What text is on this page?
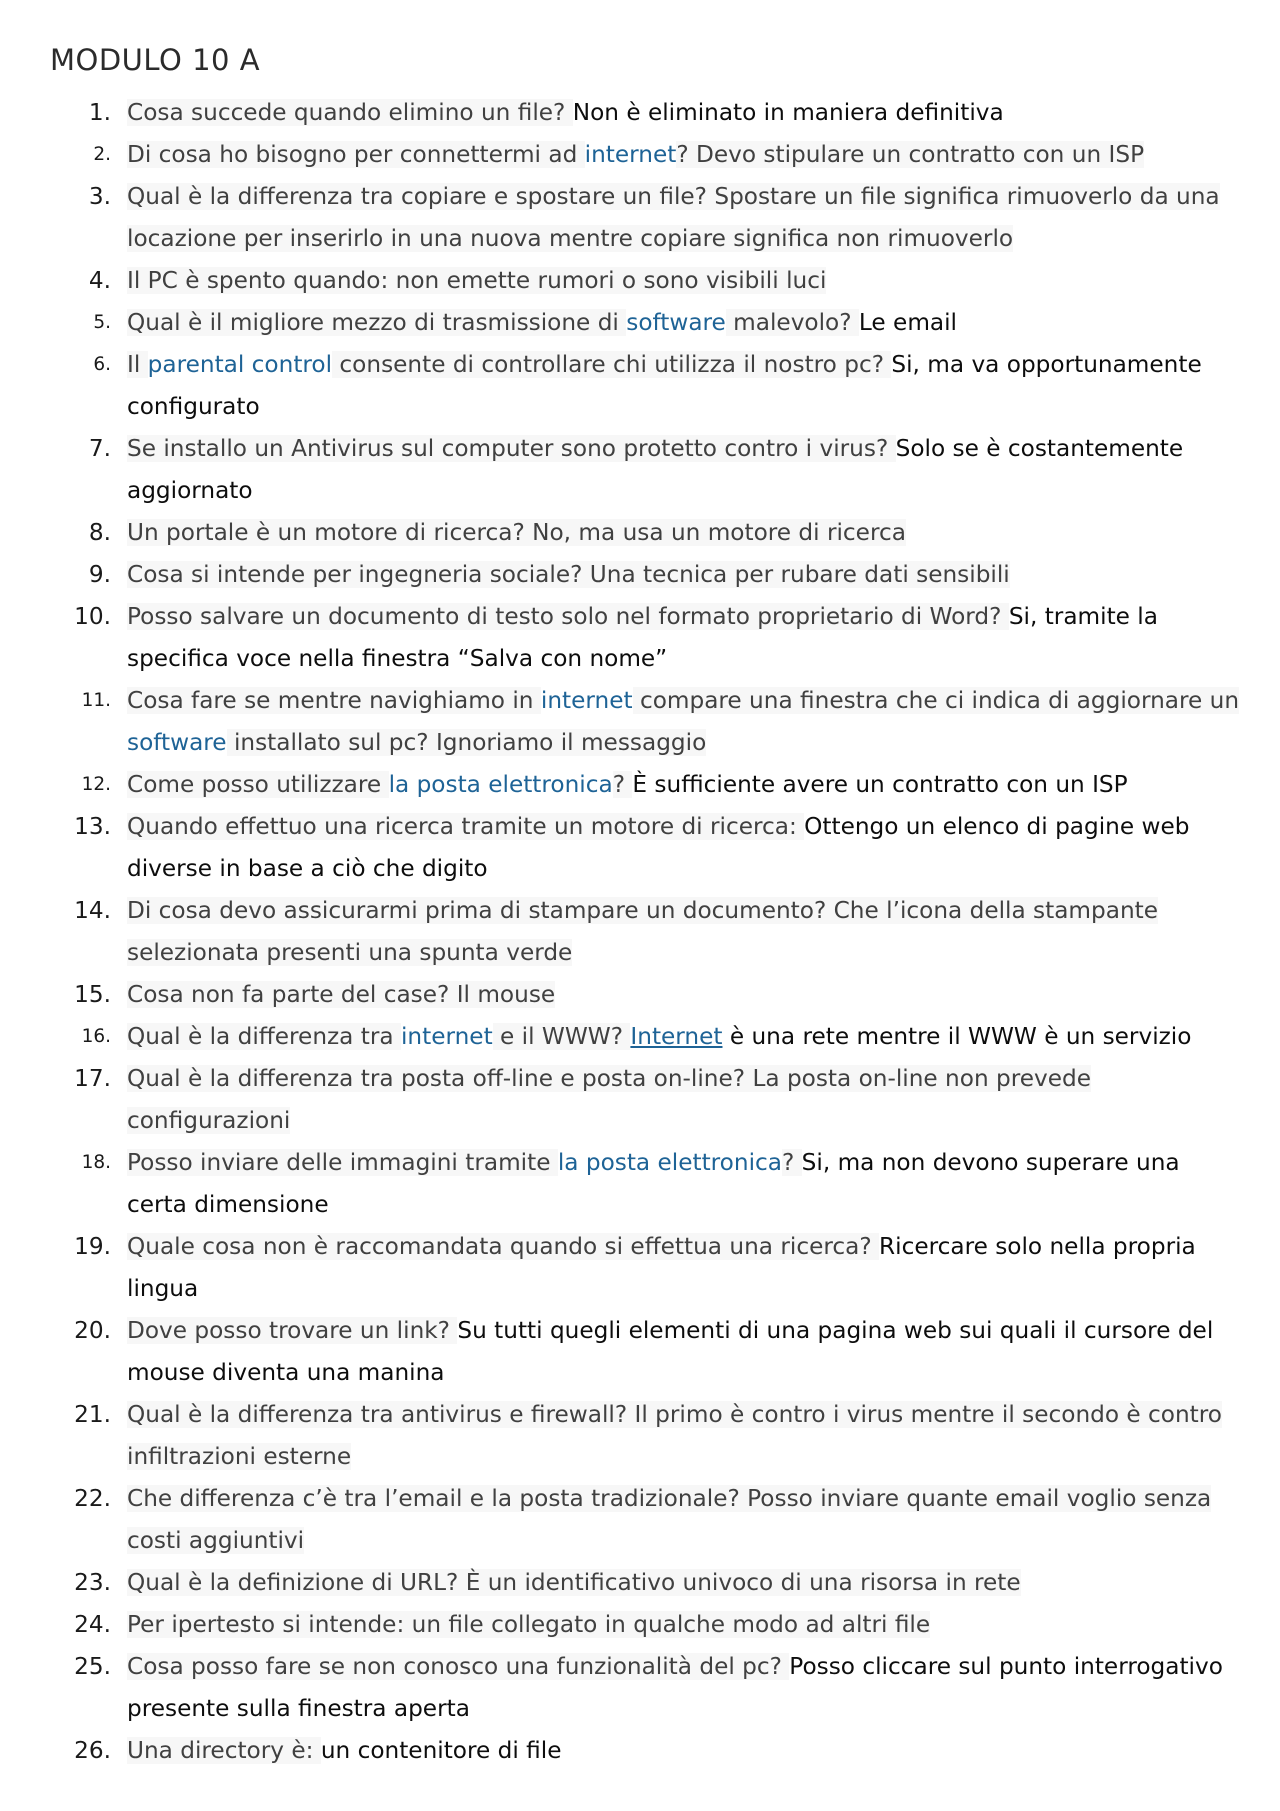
MODULO 10 A
1. Cosa succede quando elimino un file? Non è eliminato in maniera definitiva
2. Di cosa ho bisogno per connettermi ad internet? Devo stipulare un contratto con un ISP
3. Qual è la differenza tra copiare e spostare un file? Spostare un file significa rimuoverlo da una locazione per inserirlo in una nuova mentre copiare significa non rimuoverlo
4. Il PC è spento quando: non emette rumori o sono visibili luci
5. Qual è il migliore mezzo di trasmissione di software malevolo? Le email
6. Il parental control consente di controllare chi utilizza il nostro pc? Si, ma va opportunamente configurato
7. Se installo un Antivirus sul computer sono protetto contro i virus? Solo se è costantemente aggiornato
8. Un portale è un motore di ricerca? No, ma usa un motore di ricerca
9. Cosa si intende per ingegneria sociale? Una tecnica per rubare dati sensibili
10. Posso salvare un documento di testo solo nel formato proprietario di Word? Si, tramite la specifica voce nella finestra “Salva con nome”
11. Cosa fare se mentre navighiamo in internet compare una finestra che ci indica di aggiornare un software installato sul pc? Ignoriamo il messaggio
12. Come posso utilizzare la posta elettronica? È sufficiente avere un contratto con un ISP
13. Quando effettuo una ricerca tramite un motore di ricerca: Ottengo un elenco di pagine web diverse in base a ciò che digito
14. Di cosa devo assicurarmi prima di stampare un documento? Che l’icona della stampante selezionata presenti una spunta verde
15. Cosa non fa parte del case? Il mouse
16. Qual è la differenza tra internet e il WWW? Internet è una rete mentre il WWW è un servizio
17. Qual è la differenza tra posta off-line e posta on-line? La posta on-line non prevede configurazioni
18. Posso inviare delle immagini tramite la posta elettronica? Si, ma non devono superare una certa dimensione
19. Quale cosa non è raccomandata quando si effettua una ricerca? Ricercare solo nella propria lingua
20. Dove posso trovare un link? Su tutti quegli elementi di una pagina web sui quali il cursore del mouse diventa una manina
21. Qual è la differenza tra antivirus e firewall? Il primo è contro i virus mentre il secondo è contro infiltrazioni esterne
22. Che differenza c’è tra l’email e la posta tradizionale? Posso inviare quante email voglio senza costi aggiuntivi
23. Qual è la definizione di URL? È un identificativo univoco di una risorsa in rete
24. Per ipertesto si intende: un file collegato in qualche modo ad altri file
25. Cosa posso fare se non conosco una funzionalità del pc? Posso cliccare sul punto interrogativo presente sulla finestra aperta
26. Una directory è: un contenitore di file
